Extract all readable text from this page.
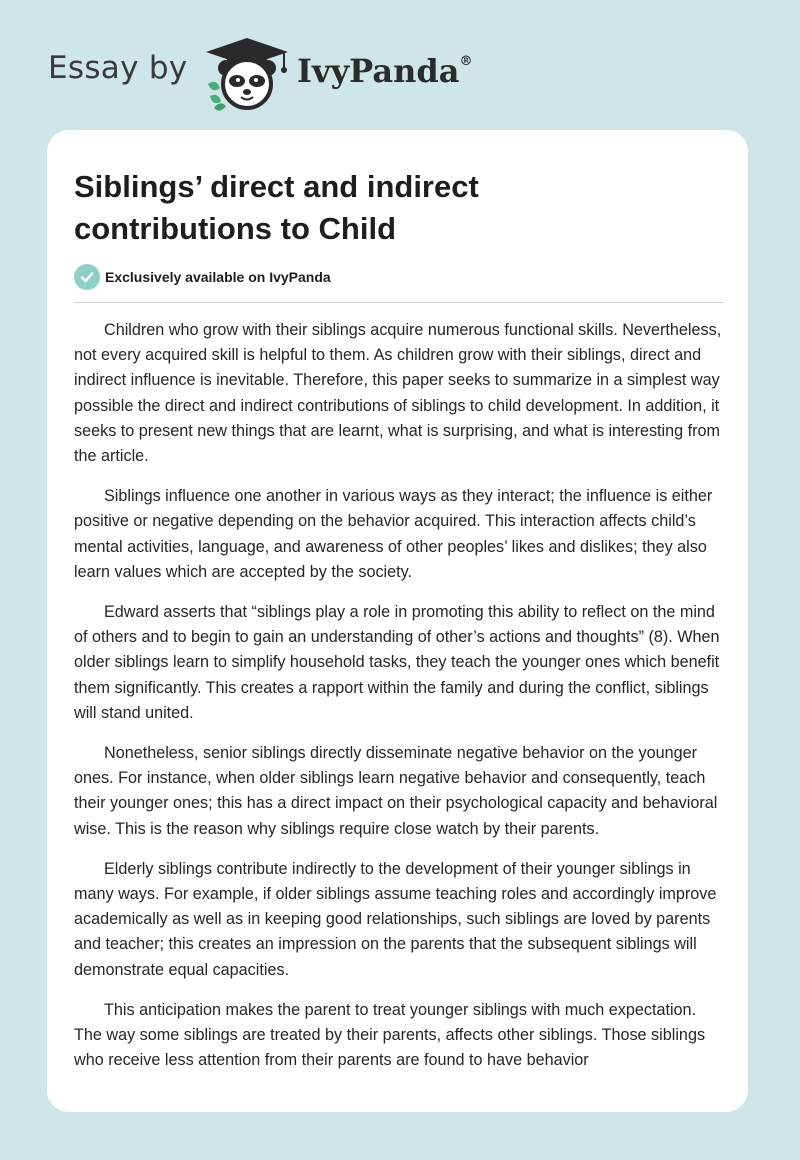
Essay by	IvyPanda®
Siblings’ direct and indirect contributions to Child
Exclusively available on IvyPanda

Children who grow with their siblings acquire numerous functional skills. Nevertheless, not every acquired skill is helpful to them. As children grow with their siblings, direct and indirect influence is inevitable. Therefore, this paper seeks to summarize in a simplest way possible the direct and indirect contributions of siblings to child development. In addition, it seeks to present new things that are learnt, what is surprising, and what is interesting from the article.

Siblings influence one another in various ways as they interact; the influence is either positive or negative depending on the behavior acquired. This interaction affects child’s mental activities, language, and awareness of other peoples’ likes and dislikes; they also learn values which are accepted by the society.

Edward asserts that “siblings play a role in promoting this ability to reflect on the mind of others and to begin to gain an understanding of other’s actions and thoughts” (8). When older siblings learn to simplify household tasks, they teach the younger ones which benefit them significantly. This creates a rapport within the family and during the conflict, siblings will stand united.

Nonetheless, senior siblings directly disseminate negative behavior on the younger ones. For instance, when older siblings learn negative behavior and consequently, teach their younger ones; this has a direct impact on their psychological capacity and behavioral wise. This is the reason why siblings require close watch by their parents.

Elderly siblings contribute indirectly to the development of their younger siblings in many ways. For example, if older siblings assume teaching roles and accordingly improve academically as well as in keeping good relationships, such siblings are loved by parents and teacher; this creates an impression on the parents that the subsequent siblings will demonstrate equal capacities.

This anticipation makes the parent to treat younger siblings with much expectation. The way some siblings are treated by their parents, affects other siblings. Those siblings who receive less attention from their parents are found to have behavior
